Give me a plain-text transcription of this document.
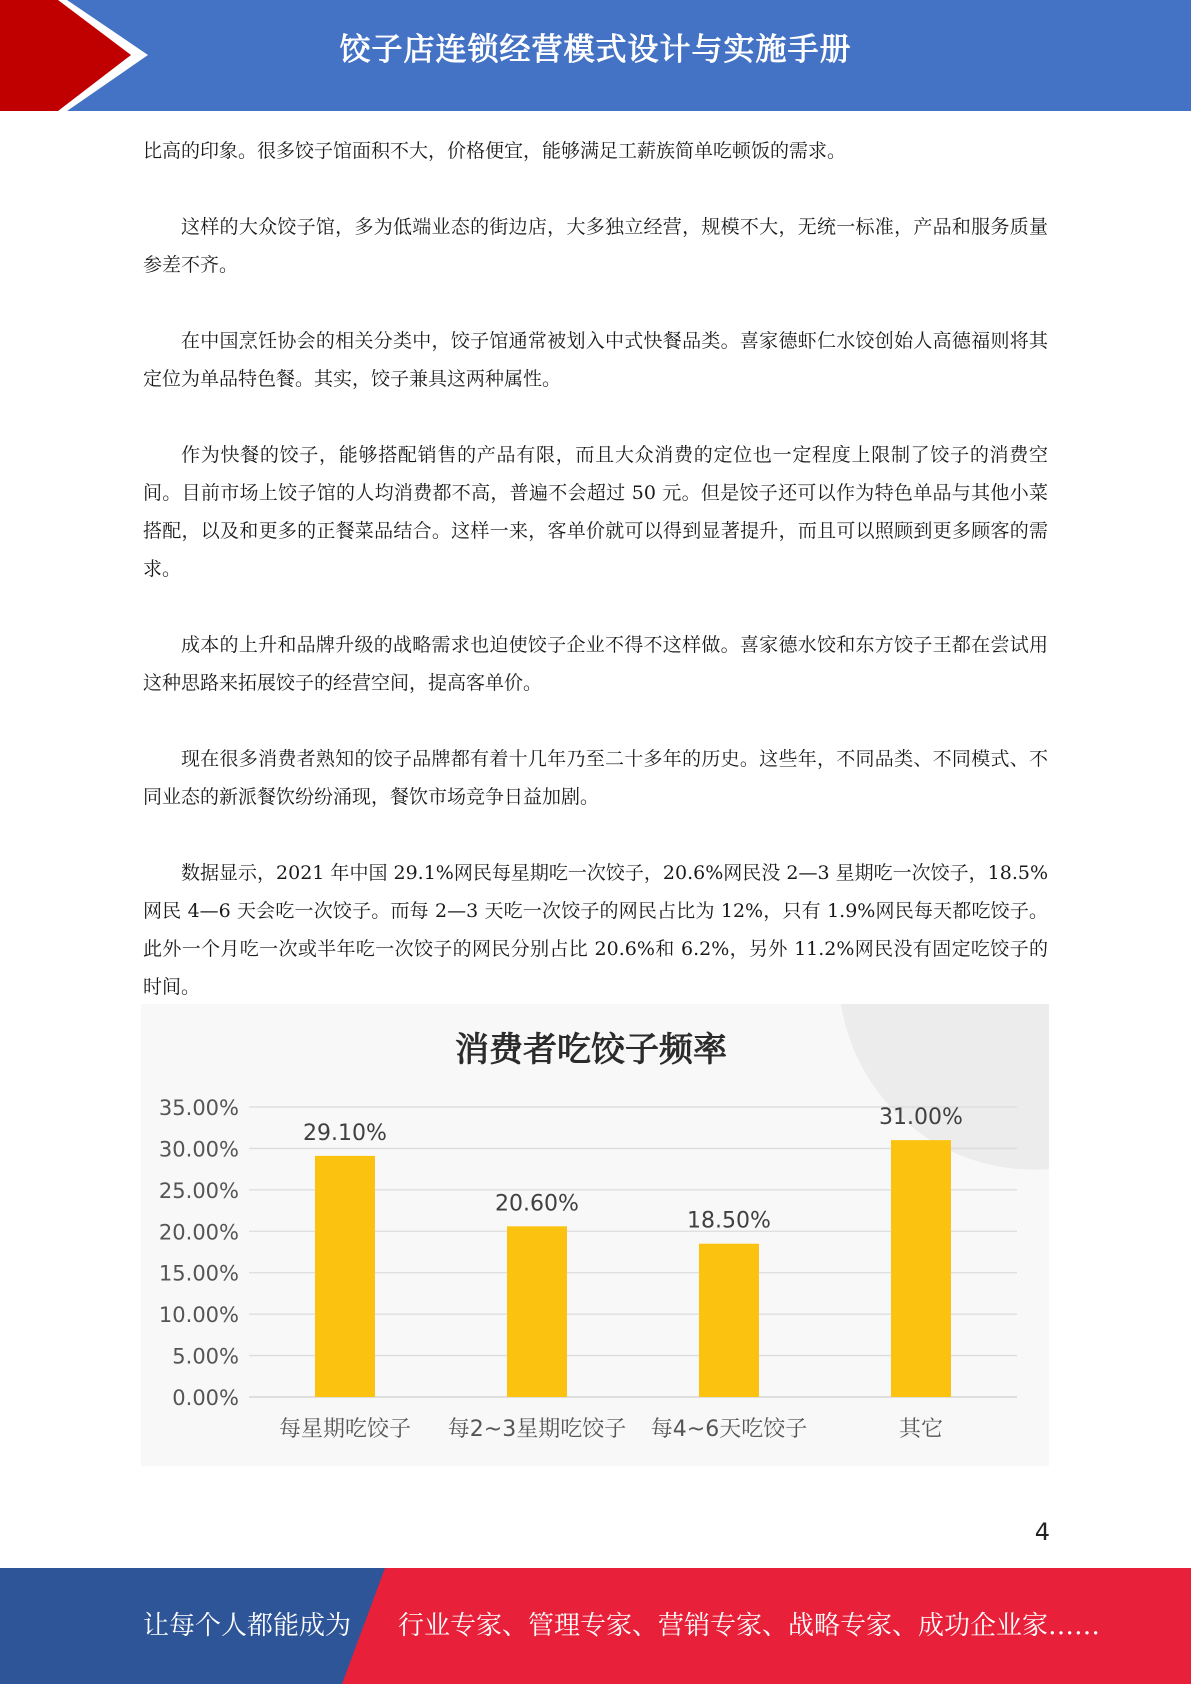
饺子店连锁经营模式设计与实施手册

比高的印象。很多饺子馆面积不大，价格便宜，能够满足工薪族简单吃顿饭的需求。

这样的大众饺子馆，多为低端业态的街边店，大多独立经营，规模不大，无统一标准，产品和服务质量参差不齐。

在中国烹饪协会的相关分类中，饺子馆通常被划入中式快餐品类。喜家德虾仁水饺创始人高德福则将其定位为单品特色餐。其实，饺子兼具这两种属性。

作为快餐的饺子，能够搭配销售的产品有限，而且大众消费的定位也一定程度上限制了饺子的消费空间。目前市场上饺子馆的人均消费都不高，普遍不会超过 50 元。但是饺子还可以作为特色单品与其他小菜搭配，以及和更多的正餐菜品结合。这样一来，客单价就可以得到显著提升，而且可以照顾到更多顾客的需求。

成本的上升和品牌升级的战略需求也迫使饺子企业不得不这样做。喜家德水饺和东方饺子王都在尝试用这种思路来拓展饺子的经营空间，提高客单价。

现在很多消费者熟知的饺子品牌都有着十几年乃至二十多年的历史。这些年，不同品类、不同模式、不同业态的新派餐饮纷纷涌现，餐饮市场竞争日益加剧。

数据显示，2021 年中国 29.1%网民每星期吃一次饺子，20.6%网民没 2—3 星期吃一次饺子，18.5%网民 4—6 天会吃一次饺子。而每 2—3 天吃一次饺子的网民占比为 12%，只有 1.9%网民每天都吃饺子。此外一个月吃一次或半年吃一次饺子的网民分别占比 20.6%和 6.2%，另外 11.2%网民没有固定吃饺子的时间。

消费者吃饺子频率
0.00%
5.00%
10.00%
15.00%
20.00%
25.00%
30.00%
35.00%
29.10%
20.60%
18.50%
31.00%
每星期吃饺子 每2~3星期吃饺子 每4~6天吃饺子	其它
4
让每个人都能成为 行业专家、管理专家、营销专家、战略专家、成功企业家……
